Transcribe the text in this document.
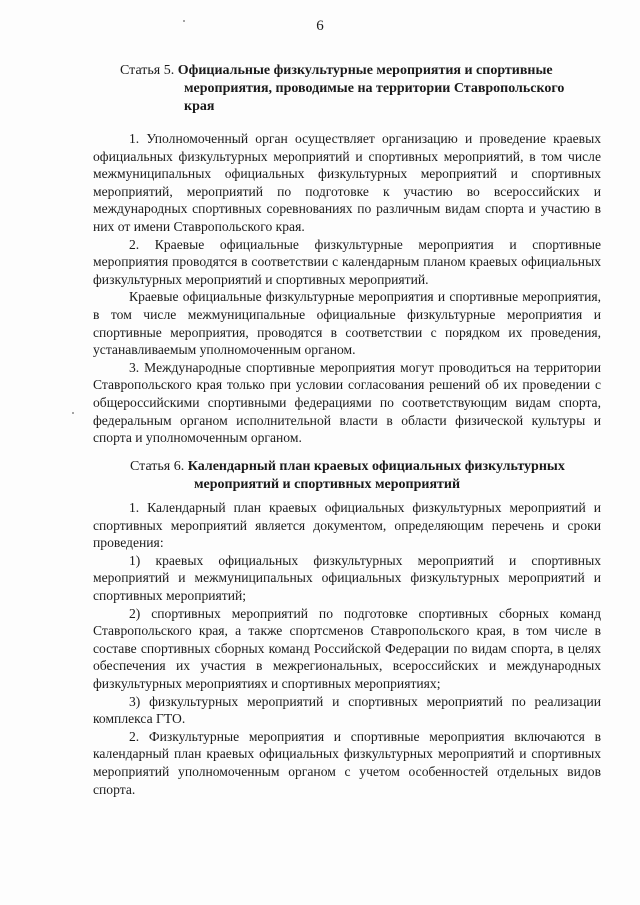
6
Статья 5. Официальные физкультурные мероприятия и спортивные
мероприятия, проводимые на территории Ставропольского
края

1. Уполномоченный орган осуществляет организацию и проведение краевых официальных физкультурных мероприятий и спортивных мероприятий, в том числе межмуниципальных официальных физкультурных мероприятий и спортивных мероприятий, мероприятий по подготовке к участию во всероссийских и международных спортивных соревнованиях по различным видам спорта и участию в них от имени Ставропольского края.

2. Краевые официальные физкультурные мероприятия и спортивные мероприятия проводятся в соответствии с календарным планом краевых официальных физкультурных мероприятий и спортивных мероприятий.

Краевые официальные физкультурные мероприятия и спортивные мероприятия, в том числе межмуниципальные официальные физкультурные мероприятия и спортивные мероприятия, проводятся в соответствии с порядком их проведения, устанавливаемым уполномоченным органом.

3. Международные спортивные мероприятия могут проводиться на территории Ставропольского края только при условии согласования решений об их проведении с общероссийскими спортивными федерациями по соответствующим видам спорта, федеральным органом исполнительной власти в области физической культуры и спорта и уполномоченным органом.

Статья 6. Календарный план краевых официальных физкультурных
мероприятий и спортивных мероприятий

1. Календарный план краевых официальных физкультурных мероприятий и спортивных мероприятий является документом, определяющим перечень и сроки проведения:

1) краевых официальных физкультурных мероприятий и спортивных мероприятий и межмуниципальных официальных физкультурных мероприятий и спортивных мероприятий;

2) спортивных мероприятий по подготовке спортивных сборных команд Ставропольского края, а также спортсменов Ставропольского края, в том числе в составе спортивных сборных команд Российской Федерации по видам спорта, в целях обеспечения их участия в межрегиональных, всероссийских и международных физкультурных мероприятиях и спортивных мероприятиях;

3) физкультурных мероприятий и спортивных мероприятий по реализации комплекса ГТО.

2. Физкультурные мероприятия и спортивные мероприятия включаются в календарный план краевых официальных физкультурных мероприятий и спортивных мероприятий уполномоченным органом с учетом особенностей отдельных видов спорта.
